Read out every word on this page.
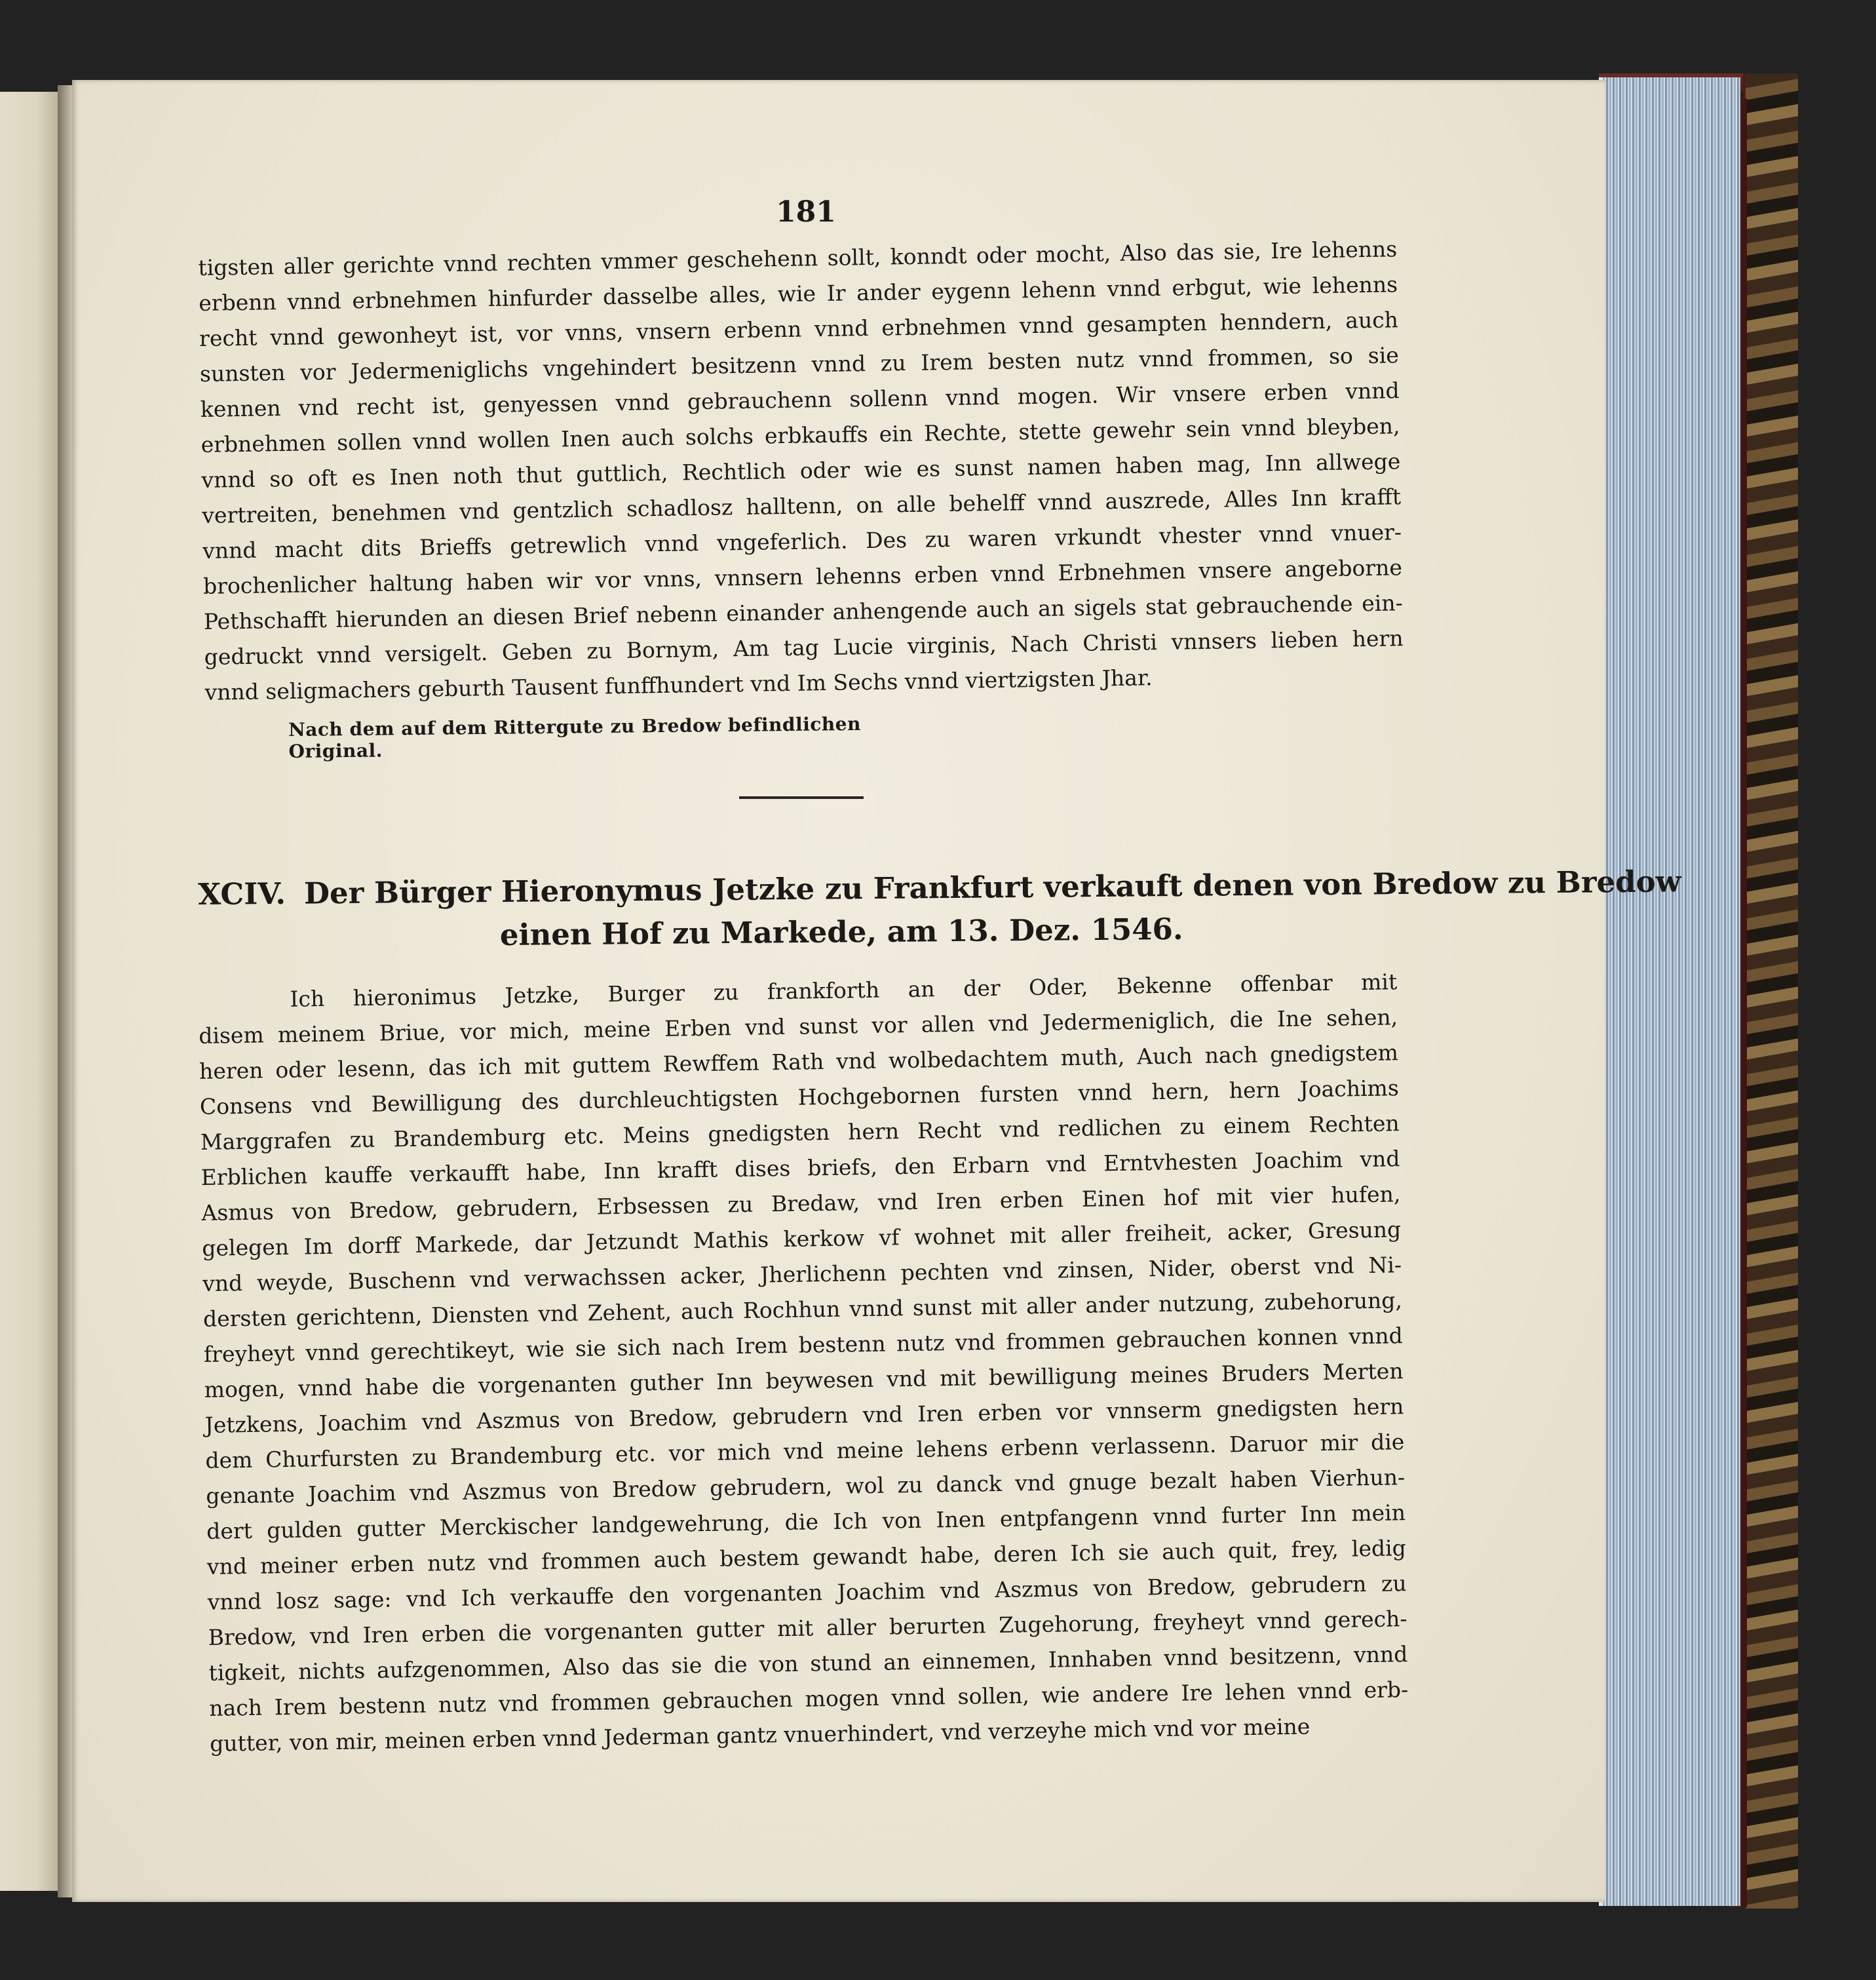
181
tigsten aller gerichte vnnd rechten vmmer geschehenn sollt, konndt oder mocht, Also das sie, Ire lehenns
erbenn vnnd erbnehmen hinfurder dasselbe alles, wie Ir ander eygenn lehenn vnnd erbgut, wie lehenns
recht vnnd gewonheyt ist, vor vnns, vnsern erbenn vnnd erbnehmen vnnd gesampten henndern, auch
sunsten vor Jedermeniglichs vngehindert besitzenn vnnd zu Irem besten nutz vnnd frommen, so sie
kennen vnd recht ist, genyessen vnnd gebrauchenn sollenn vnnd mogen. Wir vnsere erben vnnd
erbnehmen sollen vnnd wollen Inen auch solchs erbkauffs ein Rechte, stette gewehr sein vnnd bleyben,
vnnd so oft es Inen noth thut guttlich, Rechtlich oder wie es sunst namen haben mag, Inn allwege
vertreiten, benehmen vnd gentzlich schadlosz halltenn, on alle behelff vnnd auszrede, Alles Inn krafft
vnnd macht dits Brieffs getrewlich vnnd vngeferlich. Des zu waren vrkundt vhester vnnd vnuer-
brochenlicher haltung haben wir vor vnns, vnnsern lehenns erben vnnd Erbnehmen vnsere angeborne
Pethschafft hierunden an diesen Brief nebenn einander anhengende auch an sigels stat gebrauchende ein-
gedruckt vnnd versigelt. Geben zu Bornym, Am tag Lucie virginis, Nach Christi vnnsers lieben hern
vnnd seligmachers geburth Tausent funffhundert vnd Im Sechs vnnd viertzigsten Jhar.
Nach dem auf dem Rittergute zu Bredow befindlichen Original.
XCIV. Der Bürger Hieronymus Jetzke zu Frankfurt verkauft denen von Bredow zu Bredow
einen Hof zu Markede, am 13. Dez. 1546.
Ich hieronimus Jetzke, Burger zu frankforth an der Oder, Bekenne offenbar mit
disem meinem Briue, vor mich, meine Erben vnd sunst vor allen vnd Jedermeniglich, die Ine sehen,
heren oder lesenn, das ich mit guttem Rewffem Rath vnd wolbedachtem muth, Auch nach gnedigstem
Consens vnd Bewilligung des durchleuchtigsten Hochgebornen fursten vnnd hern, hern Joachims
Marggrafen zu Brandemburg etc. Meins gnedigsten hern Recht vnd redlichen zu einem Rechten
Erblichen kauffe verkaufft habe, Inn krafft dises briefs, den Erbarn vnd Erntvhesten Joachim vnd
Asmus von Bredow, gebrudern, Erbsessen zu Bredaw, vnd Iren erben Einen hof mit vier hufen,
gelegen Im dorff Markede, dar Jetzundt Mathis kerkow vf wohnet mit aller freiheit, acker, Gresung
vnd weyde, Buschenn vnd verwachssen acker, Jherlichenn pechten vnd zinsen, Nider, oberst vnd Ni-
dersten gerichtenn, Diensten vnd Zehent, auch Rochhun vnnd sunst mit aller ander nutzung, zubehorung,
freyheyt vnnd gerechtikeyt, wie sie sich nach Irem bestenn nutz vnd frommen gebrauchen konnen vnnd
mogen, vnnd habe die vorgenanten guther Inn beywesen vnd mit bewilligung meines Bruders Merten
Jetzkens, Joachim vnd Aszmus von Bredow, gebrudern vnd Iren erben vor vnnserm gnedigsten hern
dem Churfursten zu Brandemburg etc. vor mich vnd meine lehens erbenn verlassenn. Daruor mir die
genante Joachim vnd Aszmus von Bredow gebrudern, wol zu danck vnd gnuge bezalt haben Vierhun-
dert gulden gutter Merckischer landgewehrung, die Ich von Inen entpfangenn vnnd furter Inn mein
vnd meiner erben nutz vnd frommen auch bestem gewandt habe, deren Ich sie auch quit, frey, ledig
vnnd losz sage: vnd Ich verkauffe den vorgenanten Joachim vnd Aszmus von Bredow, gebrudern zu
Bredow, vnd Iren erben die vorgenanten gutter mit aller berurten Zugehorung, freyheyt vnnd gerech-
tigkeit, nichts aufzgenommen, Also das sie die von stund an einnemen, Innhaben vnnd besitzenn, vnnd
nach Irem bestenn nutz vnd frommen gebrauchen mogen vnnd sollen, wie andere Ire lehen vnnd erb-
gutter, von mir, meinen erben vnnd Jederman gantz vnuerhindert, vnd verzeyhe mich vnd vor meine
